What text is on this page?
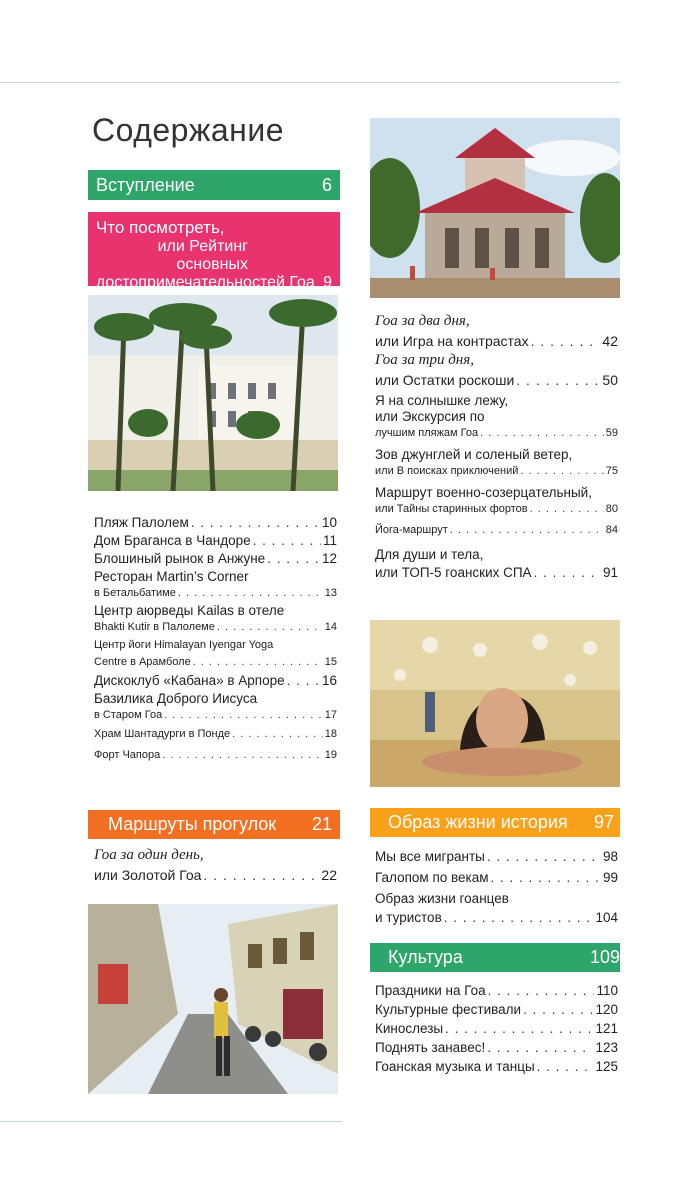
Содержание
Вступление	6
Что посмотреть,
или Рейтинг основных
достопримечательностей Гоа 9
Пляж Палолем . . .	10
Дом Браганса в Чандоре . . .	11
Блошиный рынок в Анжуне . . .	12
Ресторан Martin’s Corner
в Бетальбатиме . . .	13
Центр аюрведы Kailas в отеле
Bhakti Kutir в Палолеме . . .	14
Центр йоги Himalayan Iyengar Yoga
Centre в Арамболе . . .	15
Дискоклуб «Кабана» в Арпоре . . .	16
Базилика Доброго Иисуса
в Старом Гоа . . .	17
Храм Шантадурги в Понде . . .	18
Форт Чапора . . .	19
Маршруты прогулок 21
Гоа за один день,
или Золотой Гоа . . .	22
Гоа за два дня,
или Игра на контрастах . . .	42
Гоа за три дня,
или Остатки роскоши . . .	50
Я на солнышке лежу,
или Экскурсия по
лучшим пляжам Гоа . . .	59
Зов джунглей и соленый ветер,
или В поисках приключений . . .	75
Маршрут военно-созерцательный,
или Тайны старинных фортов . . .	80
Йога-маршрут . . .	84
Для души и тела,
или ТОП-5 гоанских СПА . . .	91
Образ жизни история 97
Мы все мигранты . . .	98
Галопом по векам . . .	99
Образ жизни гоанцев
и туристов . . .	104
Культура	109
Праздники на Гоа . . .	110
Культурные фестивали . . .	120
Кинослезы . . .	121
Поднять занавес! . . .	123
Гоанская музыка и танцы . . .	125
